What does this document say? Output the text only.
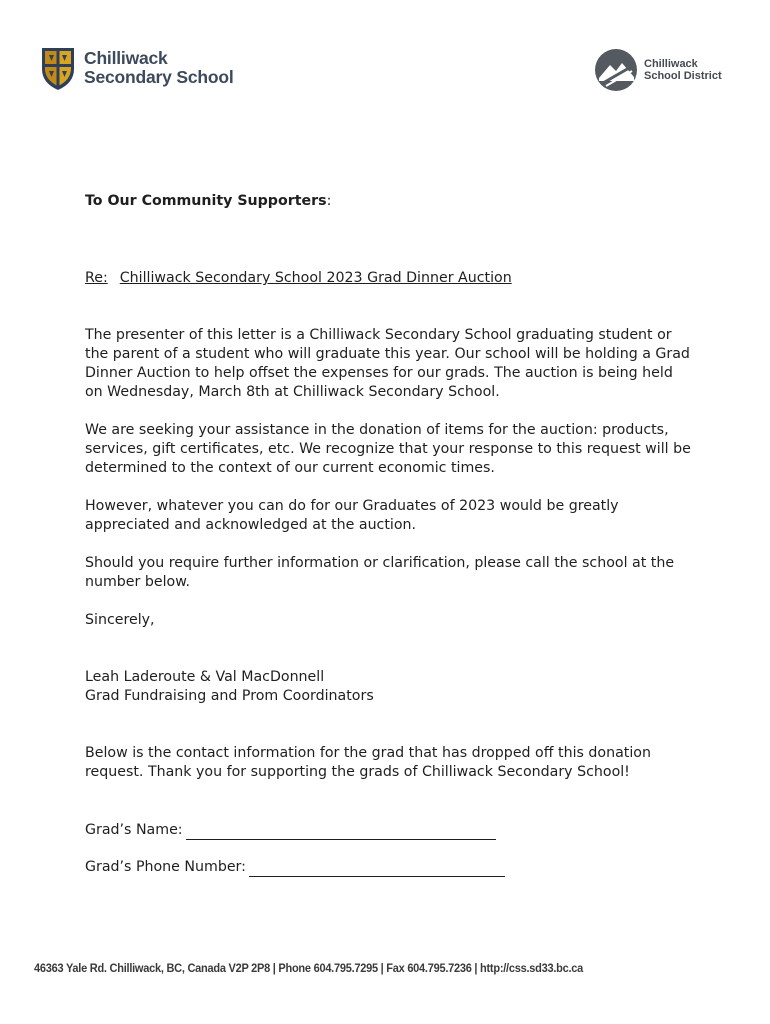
Chilliwack
Secondary School
Chilliwack
School District
To Our Community Supporters:
Re: Chilliwack Secondary School 2023 Grad Dinner Auction
The presenter of this letter is a Chilliwack Secondary School graduating student or the parent of a student who will graduate this year. Our school will be holding a Grad Dinner Auction to help offset the expenses for our grads. The auction is being held on Wednesday, March 8th at Chilliwack Secondary School.
We are seeking your assistance in the donation of items for the auction: products, services, gift certificates, etc. We recognize that your response to this request will be determined to the context of our current economic times.
However, whatever you can do for our Graduates of 2023 would be greatly appreciated and acknowledged at the auction.
Should you require further information or clarification, please call the school at the number below.
Sincerely,
Leah Laderoute & Val MacDonnell
Grad Fundraising and Prom Coordinators
Below is the contact information for the grad that has dropped off this donation request. Thank you for supporting the grads of Chilliwack Secondary School!
Grad’s Name:
Grad’s Phone Number:
46363 Yale Rd. Chilliwack, BC, Canada V2P 2P8 | Phone 604.795.7295 | Fax 604.795.7236 | http://css.sd33.bc.ca
